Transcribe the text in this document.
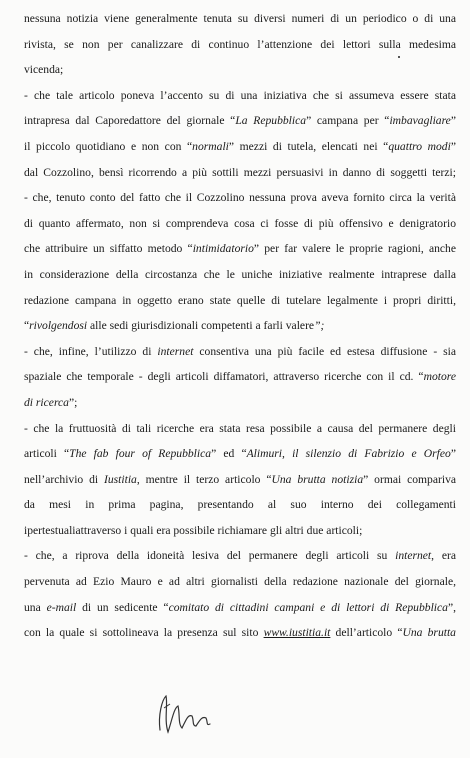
nessuna notizia viene generalmente tenuta su diversi numeri di un periodico o di una
rivista, se non per canalizzare di continuo l’attenzione dei lettori sulla medesima
vicenda;
- che tale articolo poneva l’accento su di una iniziativa che si assumeva essere stata
intrapresa dal Caporedattore del giornale “La Repubblica” campana per “imbavagliare”
il piccolo quotidiano e non con “normali” mezzi di tutela, elencati nei “quattro modi”
dal Cozzolino, bensì ricorrendo a più sottili mezzi persuasivi in danno di soggetti terzi;
- che, tenuto conto del fatto che il Cozzolino nessuna prova aveva fornito circa la verità
di quanto affermato, non si comprendeva cosa ci fosse di più offensivo e denigratorio
che attribuire un siffatto metodo “intimidatorio” per far valere le proprie ragioni, anche
in considerazione della circostanza che le uniche iniziative realmente intraprese dalla
redazione campana in oggetto erano state quelle di tutelare legalmente i propri diritti,
“rivolgendosi alle sedi giurisdizionali competenti a farli valere”;
- che, infine, l’utilizzo di internet consentiva una più facile ed estesa diffusione - sia
spaziale che temporale - degli articoli diffamatori, attraverso ricerche con il cd. “motore
di ricerca”;
- che la fruttuosità di tali ricerche era stata resa possibile a causa del permanere degli
articoli “The fab four of Repubblica” ed “Alimuri, il silenzio di Fabrizio e Orfeo”
nell’archivio di Iustitia, mentre il terzo articolo “Una brutta notizia” ormai compariva
da mesi in prima pagina, presentando al suo interno dei collegamenti
ipertestualiattraverso i quali era possibile richiamare gli altri due articoli;
- che, a riprova della idoneità lesiva del permanere degli articoli su internet, era
pervenuta ad Ezio Mauro e ad altri giornalisti della redazione nazionale del giornale,
una e-mail di un sedicente “comitato di cittadini campani e di lettori di Repubblica”,
con la quale si sottolineava la presenza sul sito www.iustitia.it dell’articolo “Una brutta
